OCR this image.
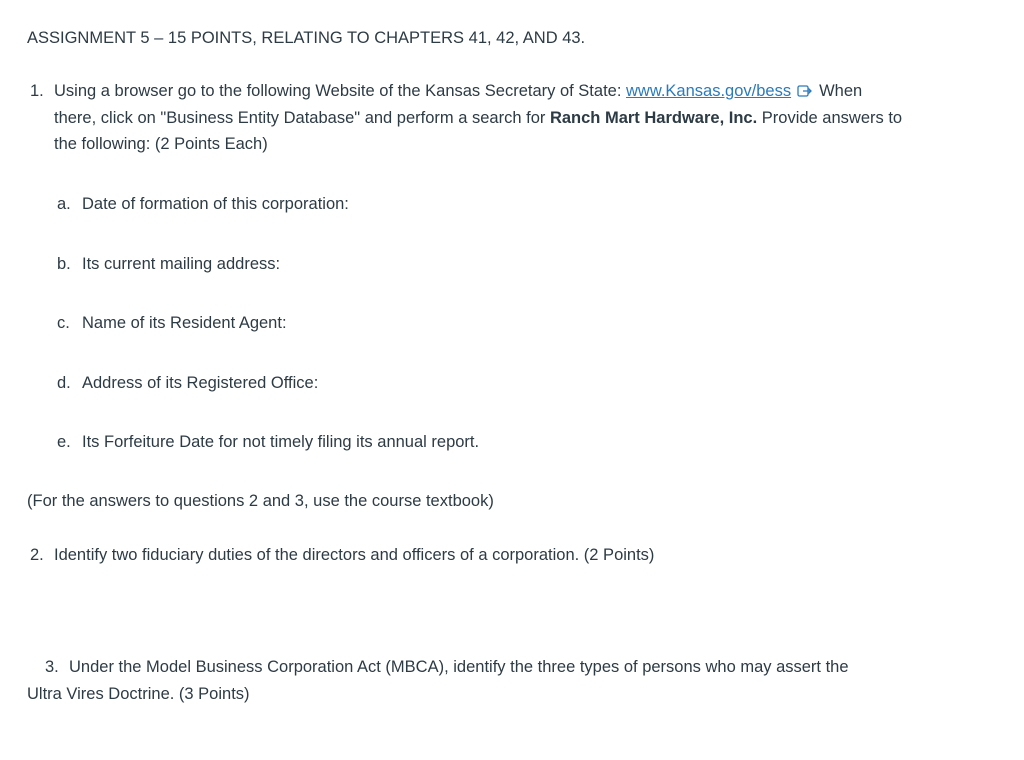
ASSIGNMENT 5 – 15 POINTS, RELATING TO CHAPTERS 41, 42, AND 43.
1. Using a browser go to the following Website of the Kansas Secretary of State: www.Kansas.gov/bess When
there, click on "Business Entity Database" and perform a search for Ranch Mart Hardware, Inc. Provide answers to
the following: (2 Points Each)
a. Date of formation of this corporation:
b. Its current mailing address:
c. Name of its Resident Agent:
d. Address of its Registered Office:
e. Its Forfeiture Date for not timely filing its annual report.
(For the answers to questions 2 and 3, use the course textbook)
2. Identify two fiduciary duties of the directors and officers of a corporation. (2 Points)
3. Under the Model Business Corporation Act (MBCA), identify the three types of persons who may assert the
Ultra Vires Doctrine. (3 Points)
